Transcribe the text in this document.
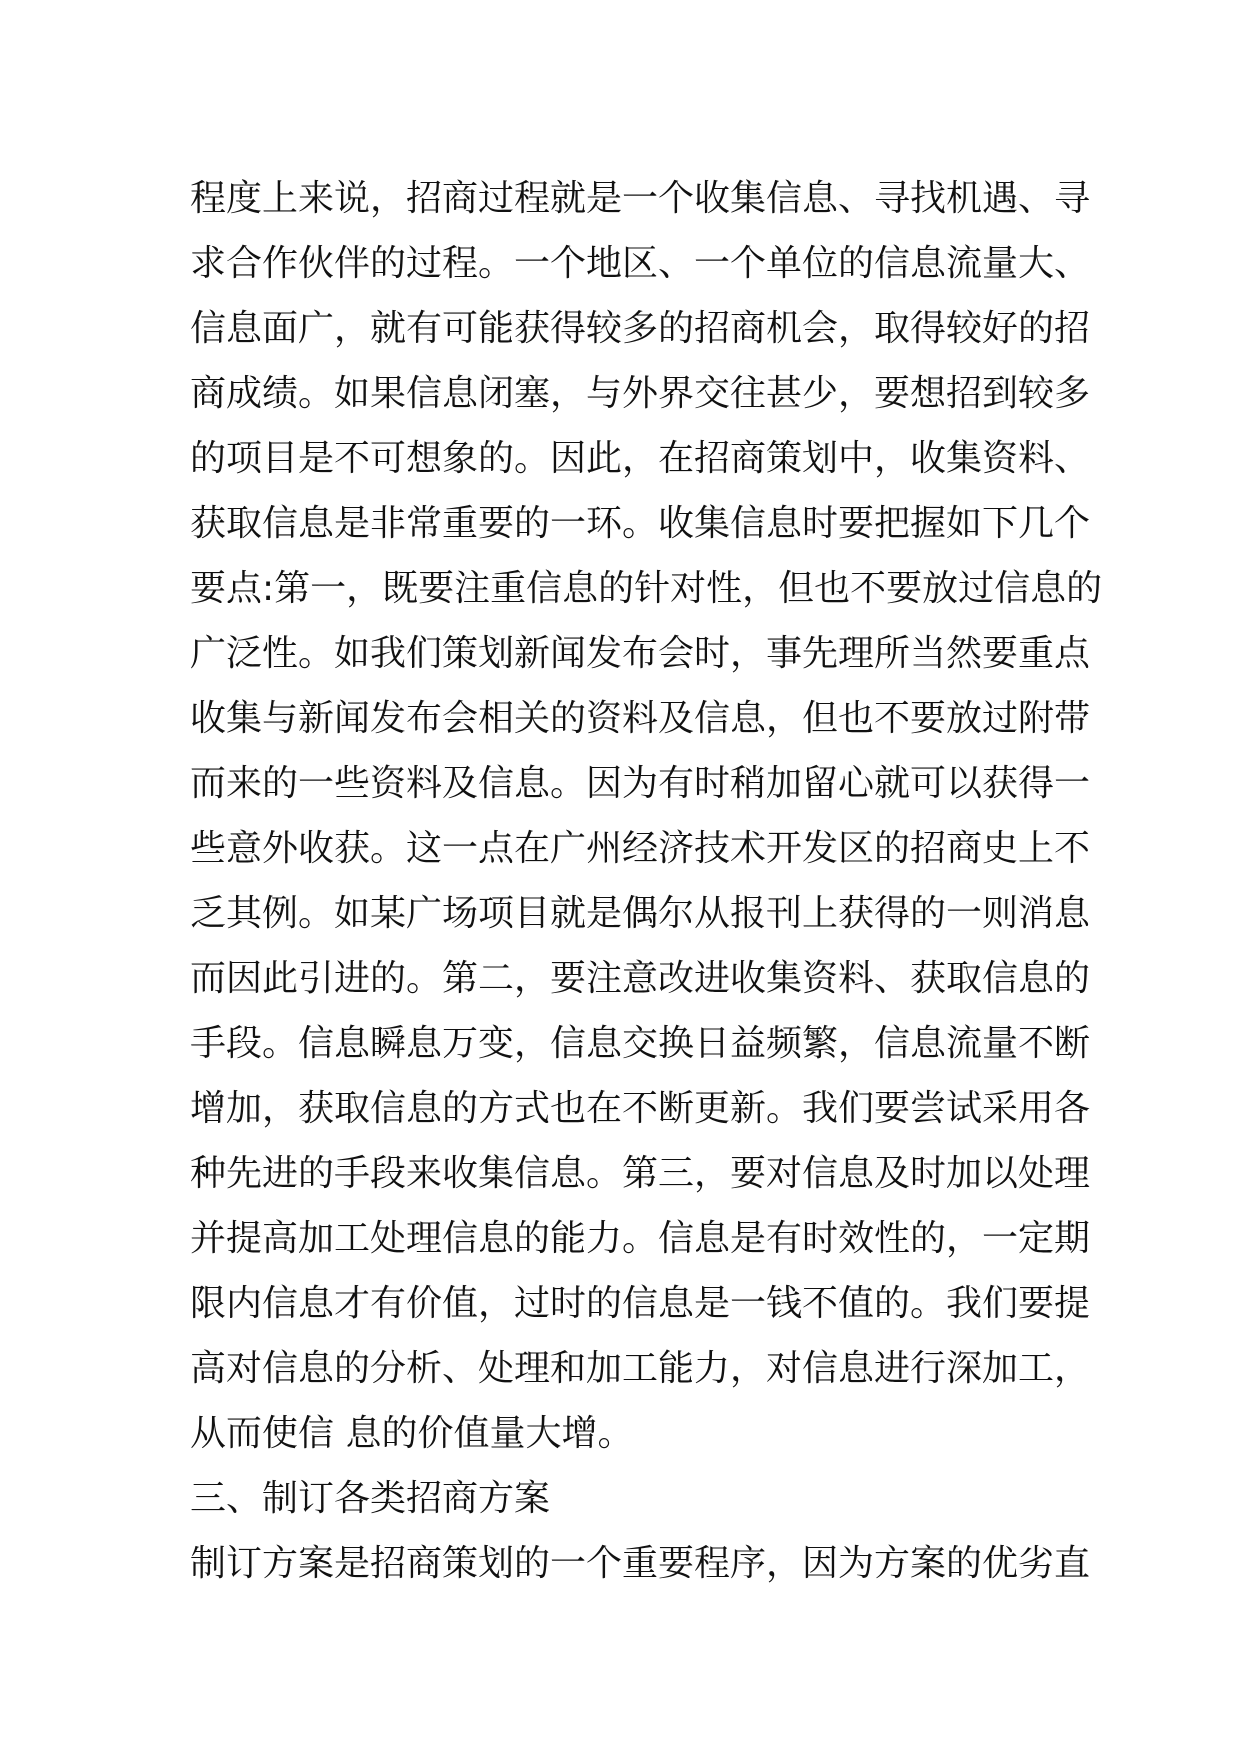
程度上来说，招商过程就是一个收集信息、寻找机遇、寻
求合作伙伴的过程。一个地区、一个单位的信息流量大、
信息面广，就有可能获得较多的招商机会，取得较好的招
商成绩。如果信息闭塞，与外界交往甚少，要想招到较多
的项目是不可想象的。因此，在招商策划中，收集资料、
获取信息是非常重要的一环。收集信息时要把握如下几个
要点:第一，既要注重信息的针对性，但也不要放过信息的
广泛性。如我们策划新闻发布会时，事先理所当然要重点
收集与新闻发布会相关的资料及信息，但也不要放过附带
而来的一些资料及信息。因为有时稍加留心就可以获得一
些意外收获。这一点在广州经济技术开发区的招商史上不
乏其例。如某广场项目就是偶尔从报刊上获得的一则消息
而因此引进的。第二，要注意改进收集资料、获取信息的
手段。信息瞬息万变，信息交换日益频繁，信息流量不断
增加，获取信息的方式也在不断更新。我们要尝试采用各
种先进的手段来收集信息。第三，要对信息及时加以处理
并提高加工处理信息的能力。信息是有时效性的，一定期
限内信息才有价值，过时的信息是一钱不值的。我们要提
高对信息的分析、处理和加工能力，对信息进行深加工，
从而使信 息的价值量大增。
三、制订各类招商方案
制订方案是招商策划的一个重要程序，因为方案的优劣直
